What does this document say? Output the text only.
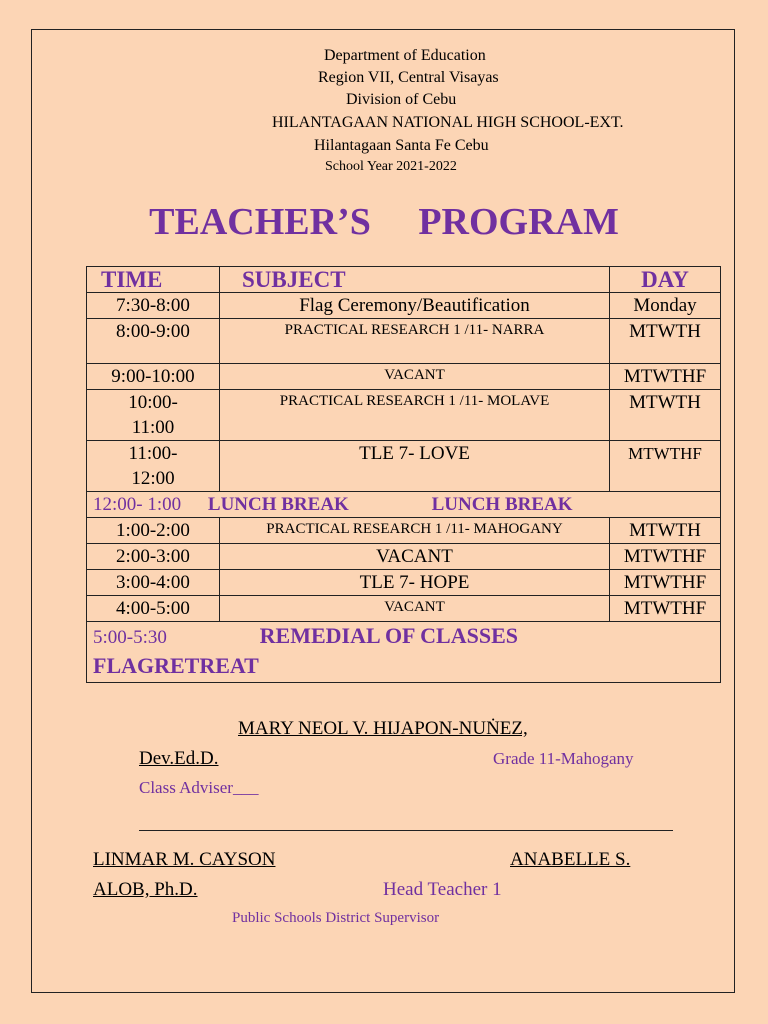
Department of Education
Region VII, Central Visayas
Division of Cebu
HILANTAGAAN NATIONAL HIGH SCHOOL-EXT.
Hilantagaan Santa Fe Cebu
School Year 2021-2022
TEACHER’S     PROGRAM
TIME	SUBJECT	DAY
7:30-8:00	Flag Ceremony/Beautification	Monday
8:00-9:00	PRACTICAL RESEARCH 1 /11- NARRA	MTWTH
9:00-10:00	VACANT	MTWTHF
10:00-
11:00	PRACTICAL RESEARCH 1 /11- MOLAVE	MTWTH
11:00-
12:00	TLE 7- LOVE	MTWTHF
12:00- 1:00 LUNCH BREAK LUNCH BREAK		
1:00-2:00	PRACTICAL RESEARCH 1 /11- MAHOGANY	MTWTH
2:00-3:00	VACANT	MTWTHF
3:00-4:00	TLE 7- HOPE	MTWTHF
4:00-5:00	VACANT	MTWTHF
5:00-5:30 REMEDIAL OF CLASSES
FLAGRETREAT		
MARY NEOL V. HIJAPON-NUṄEZ,
Dev.Ed.D.	Grade 11-Mahogany
Class Adviser___
LINMAR M. CAYSON	ANABELLE S.
ALOB, Ph.D.	Head Teacher 1
Public Schools District Supervisor
